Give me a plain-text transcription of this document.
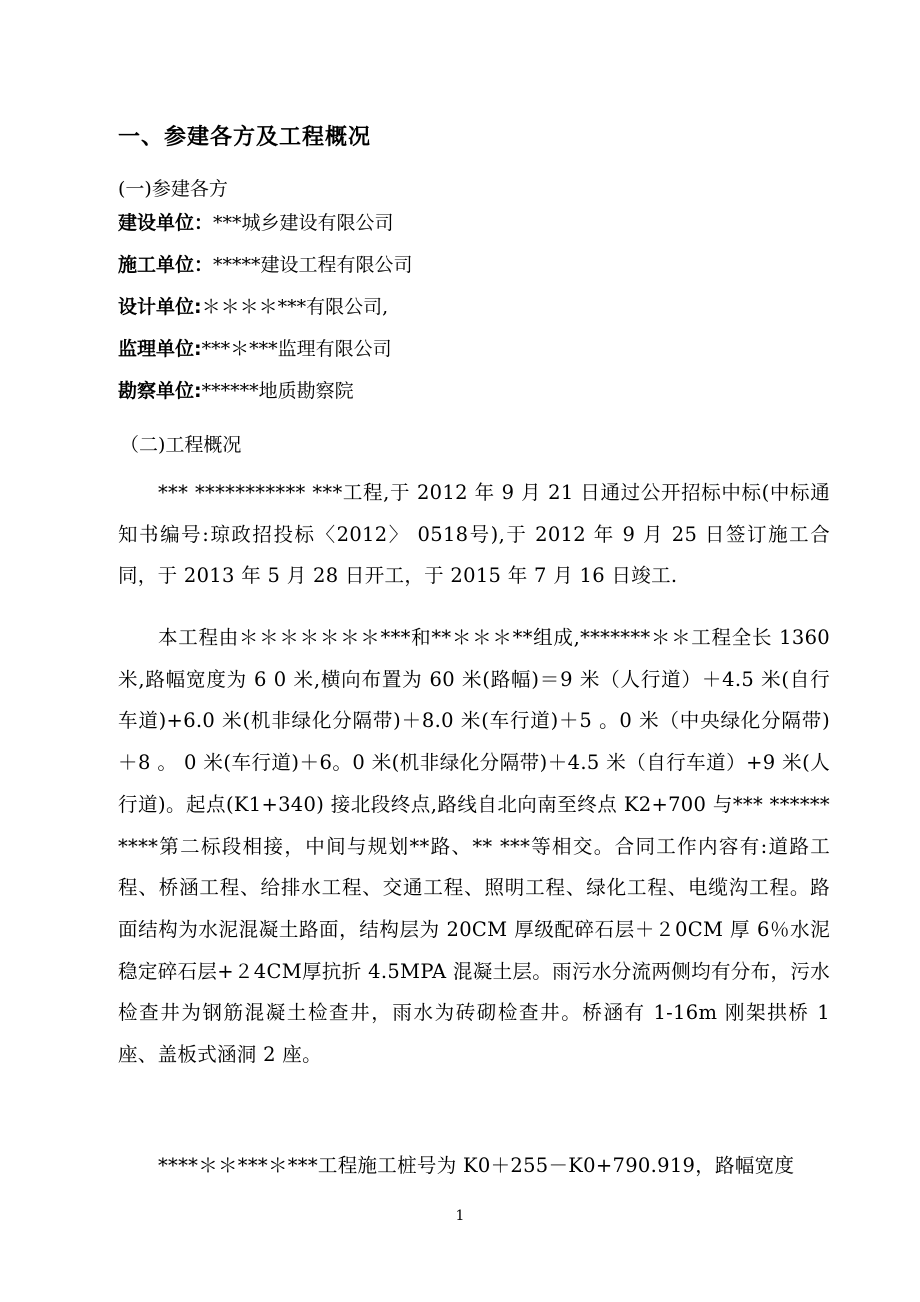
一、参建各方及工程概况
(一)参建各方
建设单位：***城乡建设有限公司
施工单位：*****建设工程有限公司
设计单位:＊＊＊＊***有限公司,
监理单位:***＊***监理有限公司
勘察单位:******地质勘察院
（二)工程概况

*** *********** ***工程,于 2012 年 9 月 21 日通过公开招标中标(中标通知书编号:琼政招投标〈2012〉 0518号),于 2012 年 9 月 25 日签订施工合同，于 2013 年 5 月 28 日开工，于 2015 年 7 月 16 日竣工.

本工程由＊＊＊＊＊＊＊***和**＊＊＊**组成,*******＊＊工程全长 1360米,路幅宽度为 6 0 米,横向布置为 60 米(路幅)＝9 米（人行道）＋4.5 米(自行车道)+6.0 米(机非绿化分隔带)＋8.0 米(车行道)＋5 。0 米（中央绿化分隔带)＋8 。 0 米(车行道)＋6。0 米(机非绿化分隔带)＋4.5 米（自行车道）+9 米(人行道)。起点(K1+340) 接北段终点,路线自北向南至终点 K2+700 与*** **********第二标段相接，中间与规划**路、** ***等相交。合同工作内容有:道路工程、桥涵工程、给排水工程、交通工程、照明工程、绿化工程、电缆沟工程。路面结构为水泥混凝土路面，结构层为 20CM 厚级配碎石层＋２0CM 厚 6％水泥稳定碎石层+２4CM厚抗折 4.5MPA 混凝土层。雨污水分流两侧均有分布，污水检查井为钢筋混凝土检查井，雨水为砖砌检查井。桥涵有 1-16m 刚架拱桥 1 座、盖板式涵洞 2 座。

****＊＊***＊***工程施工桩号为 K0＋255－K0+790.919，路幅宽度

1
